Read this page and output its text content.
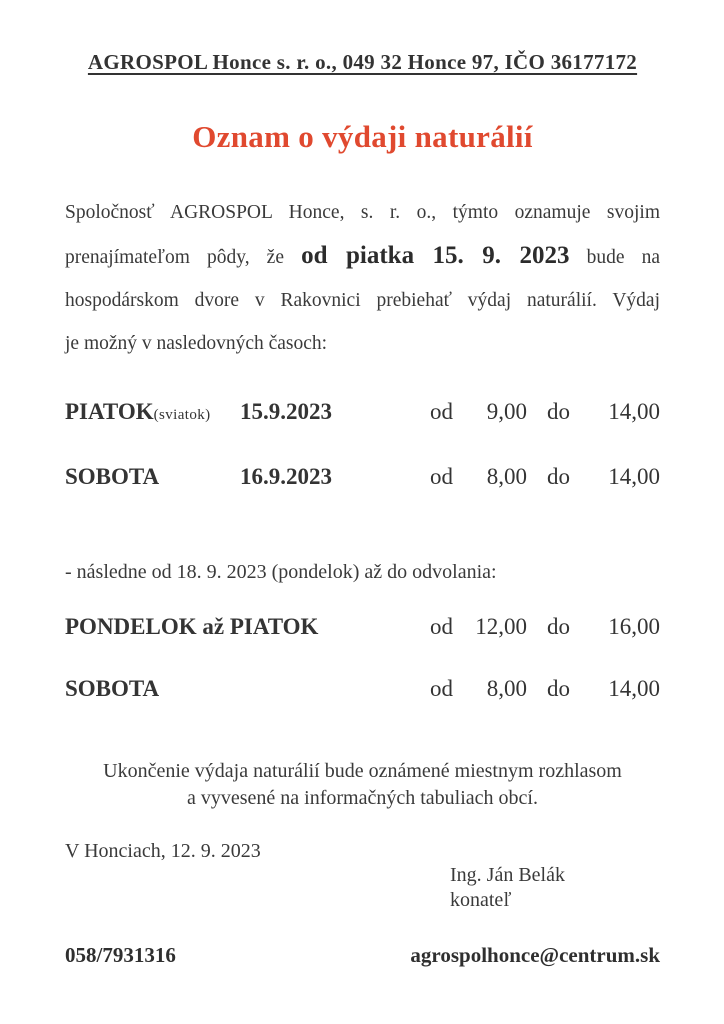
AGROSPOL Honce s. r. o., 049 32 Honce 97, IČO 36177172
Oznam o výdaji naturálií
Spoločnosť AGROSPOL Honce, s. r. o., týmto oznamuje svojim
prenajímateľom pôdy, že od piatka 15. 9. 2023 bude na
hospodárskom dvore v Rakovnici prebiehať výdaj naturálií. Výdaj
je možný v nasledovných časoch:
PIATOK(sviatok)	15.9.2023	od	9,00 do	14,00
SOBOTA	16.9.2023	od	8,00 do	14,00
- následne od 18. 9. 2023 (pondelok) až do odvolania:
PONDELOK až PIATOK	od 12,00 do	16,00
SOBOTA	od	8,00 do	14,00
Ukončenie výdaja naturálií bude oznámené miestnym rozhlasom
a vyvesené na informačných tabuliach obcí.
V Honciach, 12. 9. 2023
Ing. Ján Belák
konateľ
058/7931316	agrospolhonce@centrum.sk
